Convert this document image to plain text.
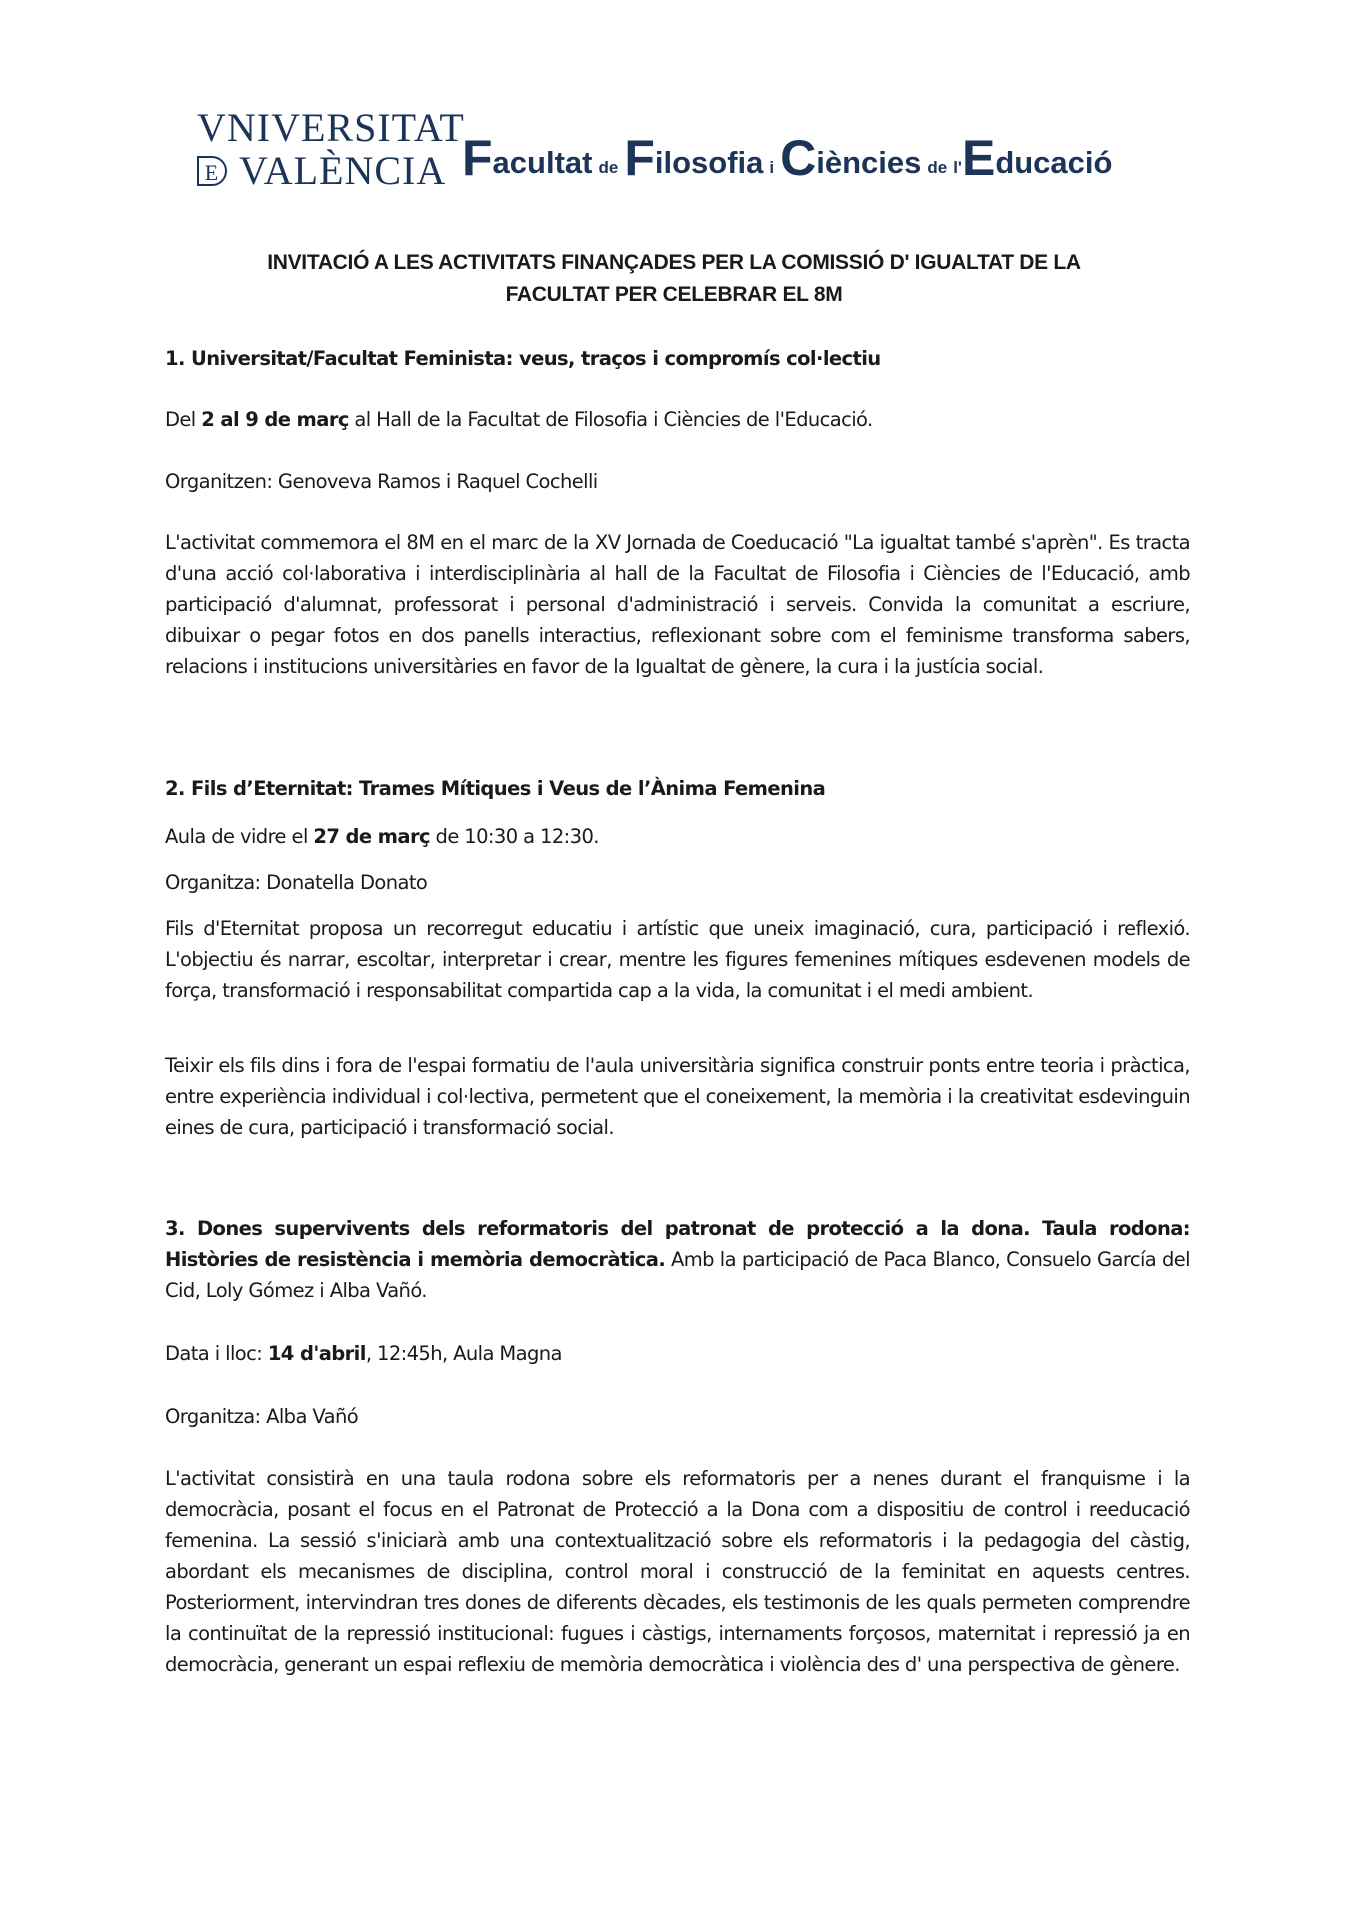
VNIVERSITAT
E VALÈNCIA F acultat de F ilosofia i C iències de l' E ducació
INVITACIÓ A LES ACTIVITATS FINANÇADES PER LA COMISSIÓ D' IGUALTAT DE LA
FACULTAT PER CELEBRAR EL 8M
1. Universitat/Facultat Feminista: veus, traços i compromís col·lectiu
Del 2 al 9 de març al Hall de la Facultat de Filosofia i Ciències de l'Educació.
Organitzen: Genoveva Ramos i Raquel Cochelli
L'activitat commemora el 8M en el marc de la XV Jornada de Coeducació "La igualtat també s'aprèn". Es tracta d'una acció col·laborativa i interdisciplinària al hall de la Facultat de Filosofia i Ciències de l'Educació, amb participació d'alumnat, professorat i personal d'administració i serveis. Convida la comunitat a escriure, dibuixar o pegar fotos en dos panells interactius, reflexionant sobre com el feminisme transforma sabers, relacions i institucions universitàries en favor de la Igualtat de gènere, la cura i la justícia social.
2. Fils d’Eternitat: Trames Mítiques i Veus de l’Ànima Femenina
Aula de vidre el 27 de març de 10:30 a 12:30.
Organitza: Donatella Donato
Fils d'Eternitat proposa un recorregut educatiu i artístic que uneix imaginació, cura, participació i reflexió. L'objectiu és narrar, escoltar, interpretar i crear, mentre les figures femenines mítiques esdevenen models de força, transformació i responsabilitat compartida cap a la vida, la comunitat i el medi ambient.
Teixir els fils dins i fora de l'espai formatiu de l'aula universitària significa construir ponts entre teoria i pràctica, entre experiència individual i col·lectiva, permetent que el coneixement, la memòria i la creativitat esdevinguin eines de cura, participació i transformació social.
3. Dones supervivents dels reformatoris del patronat de protecció a la dona. Taula rodona: Històries de resistència i memòria democràtica. Amb la participació de Paca Blanco, Consuelo García del Cid, Loly Gómez i Alba Vañó.
Data i lloc: 14 d'abril, 12:45h, Aula Magna
Organitza: Alba Vañó
L'activitat consistirà en una taula rodona sobre els reformatoris per a nenes durant el franquisme i la democràcia, posant el focus en el Patronat de Protecció a la Dona com a dispositiu de control i reeducació femenina. La sessió s'iniciarà amb una contextualització sobre els reformatoris i la pedagogia del càstig, abordant els mecanismes de disciplina, control moral i construcció de la feminitat en aquests centres. Posteriorment, intervindran tres dones de diferents dècades, els testimonis de les quals permeten comprendre la continuïtat de la repressió institucional: fugues i càstigs, internaments forçosos, maternitat i repressió ja en democràcia, generant un espai reflexiu de memòria democràtica i violència des d' una perspectiva de gènere.
